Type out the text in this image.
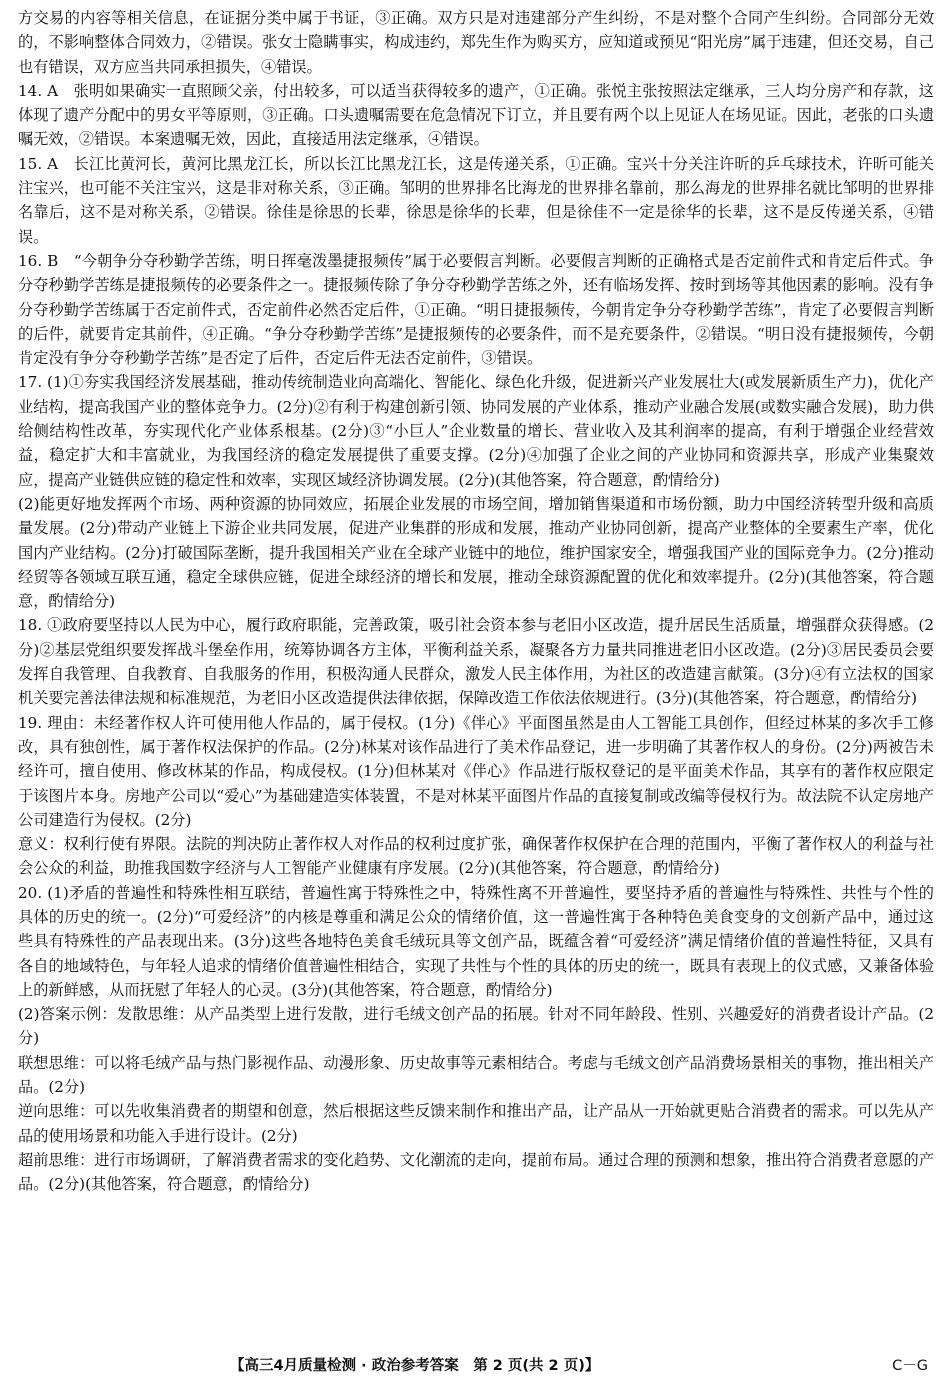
方交易的内容等相关信息，在证据分类中属于书证，③正确。双方只是对违建部分产生纠纷，不是对整个合同产生纠纷。合同部分无效的，不影响整体合同效力，②错误。张女士隐瞒事实，构成违约，郑先生作为购买方，应知道或预见“阳光房”属于违建，但还交易，自己也有错误，双方应当共同承担损失，④错误。

14. A　张明如果确实一直照顾父亲，付出较多，可以适当获得较多的遗产，①正确。张悦主张按照法定继承，三人均分房产和存款，这体现了遗产分配中的男女平等原则，③正确。口头遗嘱需要在危急情况下订立，并且要有两个以上见证人在场见证。因此，老张的口头遗嘱无效，②错误。本案遗嘱无效，因此，直接适用法定继承，④错误。

15. A　长江比黄河长，黄河比黑龙江长，所以长江比黑龙江长，这是传递关系，①正确。宝兴十分关注许昕的乒乓球技术，许昕可能关注宝兴，也可能不关注宝兴，这是非对称关系，③正确。邹明的世界排名比海龙的世界排名靠前，那么海龙的世界排名就比邹明的世界排名靠后，这不是对称关系，②错误。徐佳是徐思的长辈，徐思是徐华的长辈，但是徐佳不一定是徐华的长辈，这不是反传递关系，④错误。

16. B　“今朝争分夺秒勤学苦练，明日挥毫泼墨捷报频传”属于必要假言判断。必要假言判断的正确格式是否定前件式和肯定后件式。争分夺秒勤学苦练是捷报频传的必要条件之一。捷报频传除了争分夺秒勤学苦练之外，还有临场发挥、按时到场等其他因素的影响。没有争分夺秒勤学苦练属于否定前件式，否定前件必然否定后件，①正确。“明日捷报频传，今朝肯定争分夺秒勤学苦练”，肯定了必要假言判断的后件，就要肯定其前件，④正确。“争分夺秒勤学苦练”是捷报频传的必要条件，而不是充要条件，②错误。“明日没有捷报频传，今朝肯定没有争分夺秒勤学苦练”是否定了后件，否定后件无法否定前件，③错误。

17. (1)①夯实我国经济发展基础，推动传统制造业向高端化、智能化、绿色化升级，促进新兴产业发展壮大(或发展新质生产力)，优化产业结构，提高我国产业的整体竞争力。(2分)②有利于构建创新引领、协同发展的产业体系，推动产业融合发展(或数实融合发展)，助力供给侧结构性改革，夯实现代化产业体系根基。(2分)③“小巨人”企业数量的增长、营业收入及其利润率的提高，有利于增强企业经营效益，稳定扩大和丰富就业，为我国经济的稳定发展提供了重要支撑。(2分)④加强了企业之间的产业协同和资源共享，形成产业集聚效应，提高产业链供应链的稳定性和效率，实现区域经济协调发展。(2分)(其他答案，符合题意，酌情给分)

(2)能更好地发挥两个市场、两种资源的协同效应，拓展企业发展的市场空间，增加销售渠道和市场份额，助力中国经济转型升级和高质量发展。(2分)带动产业链上下游企业共同发展，促进产业集群的形成和发展，推动产业协同创新，提高产业整体的全要素生产率，优化国内产业结构。(2分)打破国际垄断，提升我国相关产业在全球产业链中的地位，维护国家安全，增强我国产业的国际竞争力。(2分)推动经贸等各领域互联互通，稳定全球供应链，促进全球经济的增长和发展，推动全球资源配置的优化和效率提升。(2分)(其他答案，符合题意，酌情给分)

18. ①政府要坚持以人民为中心，履行政府职能，完善政策，吸引社会资本参与老旧小区改造，提升居民生活质量，增强群众获得感。(2分)②基层党组织要发挥战斗堡垒作用，统筹协调各方主体，平衡利益关系，凝聚各方力量共同推进老旧小区改造。(2分)③居民委员会要发挥自我管理、自我教育、自我服务的作用，积极沟通人民群众，激发人民主体作用，为社区的改造建言献策。(3分)④有立法权的国家机关要完善法律法规和标准规范，为老旧小区改造提供法律依据，保障改造工作依法依规进行。(3分)(其他答案，符合题意，酌情给分)

19. 理由：未经著作权人许可使用他人作品的，属于侵权。(1分)《伴心》平面图虽然是由人工智能工具创作，但经过林某的多次手工修改，具有独创性，属于著作权法保护的作品。(2分)林某对该作品进行了美术作品登记，进一步明确了其著作权人的身份。(2分)两被告未经许可，擅自使用、修改林某的作品，构成侵权。(1分)但林某对《伴心》作品进行版权登记的是平面美术作品，其享有的著作权应限定于该图片本身。房地产公司以“爱心”为基础建造实体装置，不是对林某平面图片作品的直接复制或改编等侵权行为。故法院不认定房地产公司建造行为侵权。(2分)

意义：权利行使有界限。法院的判决防止著作权人对作品的权利过度扩张，确保著作权保护在合理的范围内，平衡了著作权人的利益与社会公众的利益，助推我国数字经济与人工智能产业健康有序发展。(2分)(其他答案，符合题意，酌情给分)

20. (1)矛盾的普遍性和特殊性相互联结，普遍性寓于特殊性之中，特殊性离不开普遍性，要坚持矛盾的普遍性与特殊性、共性与个性的具体的历史的统一。(2分)“可爱经济”的内核是尊重和满足公众的情绪价值，这一普遍性寓于各种特色美食变身的文创新产品中，通过这些具有特殊性的产品表现出来。(3分)这些各地特色美食毛绒玩具等文创产品，既蕴含着“可爱经济”满足情绪价值的普遍性特征，又具有各自的地域特色，与年轻人追求的情绪价值普遍性相结合，实现了共性与个性的具体的历史的统一，既具有表现上的仪式感，又兼备体验上的新鲜感，从而抚慰了年轻人的心灵。(3分)(其他答案，符合题意，酌情给分)

(2)答案示例：发散思维：从产品类型上进行发散，进行毛绒文创产品的拓展。针对不同年龄段、性别、兴趣爱好的消费者设计产品。(2分)

联想思维：可以将毛绒产品与热门影视作品、动漫形象、历史故事等元素相结合。考虑与毛绒文创产品消费场景相关的事物，推出相关产品。(2分)

逆向思维：可以先收集消费者的期望和创意，然后根据这些反馈来制作和推出产品，让产品从一开始就更贴合消费者的需求。可以先从产品的使用场景和功能入手进行设计。(2分)

超前思维：进行市场调研，了解消费者需求的变化趋势、文化潮流的走向，提前布局。通过合理的预测和想象，推出符合消费者意愿的产品。(2分)(其他答案，符合题意，酌情给分)

【高三4月质量检测 · 政治参考答案　第 2 页(共 2 页)】	C－G
